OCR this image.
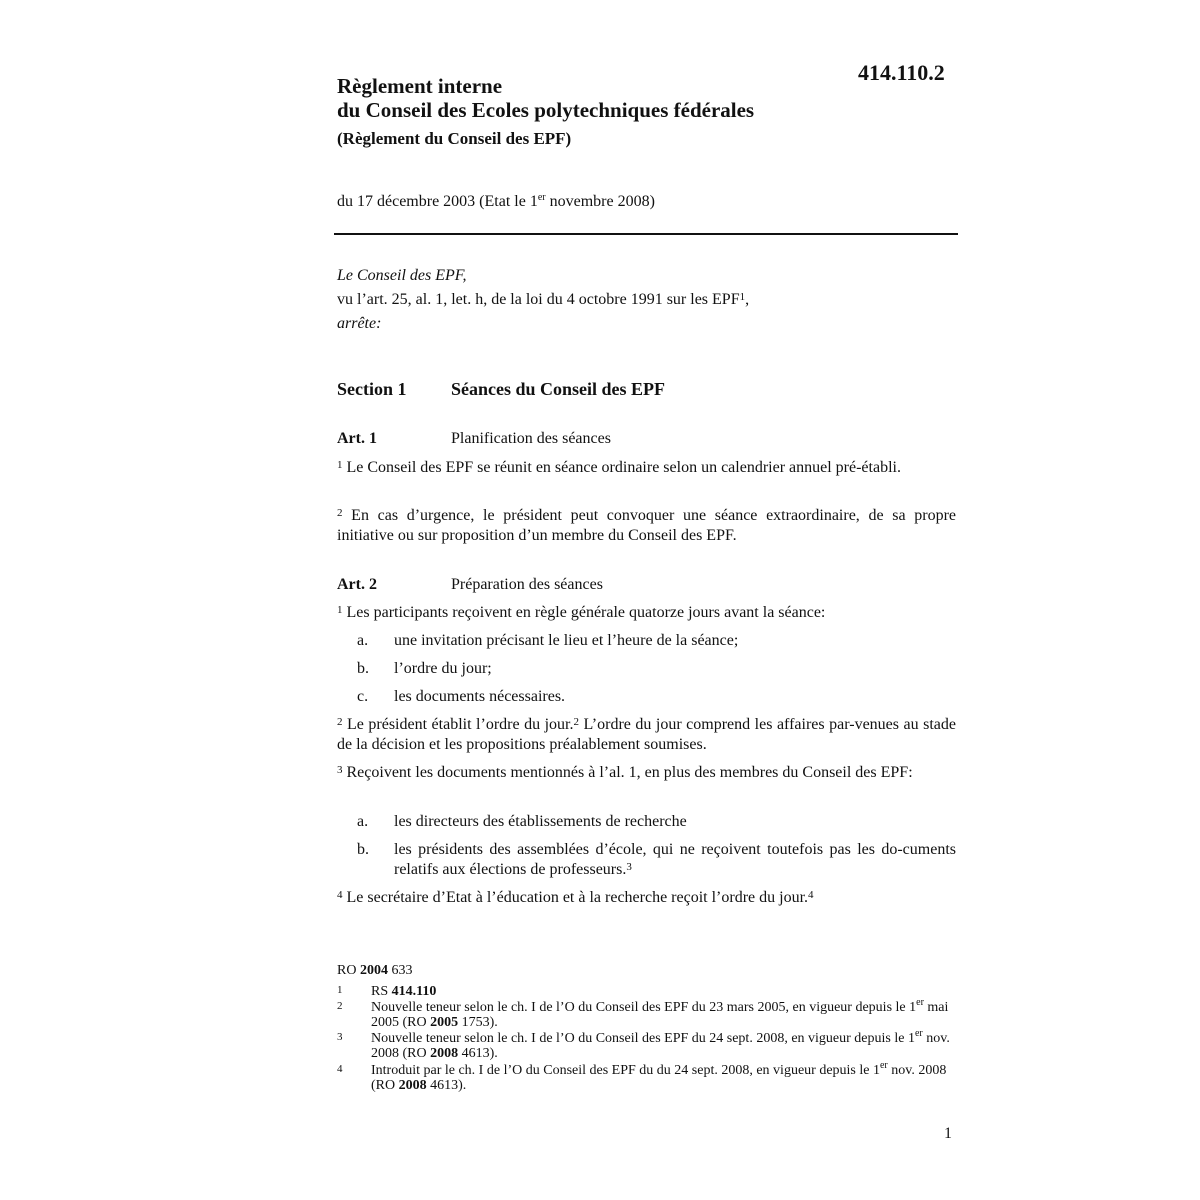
414.110.2
Règlement interne
du Conseil des Ecoles polytechniques fédérales
(Règlement du Conseil des EPF)
du 17 décembre 2003 (Etat le 1er novembre 2008)
Le Conseil des EPF,
vu l’art. 25, al. 1, let. h, de la loi du 4 octobre 1991 sur les EPF$^1$,
arrête:
Section 1 Séances du Conseil des EPF
Art. 1	Planification des séances
$^1$ Le Conseil des EPF se réunit en séance ordinaire selon un calendrier annuel pré-établi.
$^2$ En cas d’urgence, le président peut convoquer une séance extraordinaire, de sa propre initiative ou sur proposition d’un membre du Conseil des EPF.
Art. 2	Préparation des séances
$^1$ Les participants reçoivent en règle générale quatorze jours avant la séance:
a. une invitation précisant le lieu et l’heure de la séance;
b. l’ordre du jour;
c. les documents nécessaires.
$^2$ Le président établit l’ordre du jour.$^2$ L’ordre du jour comprend les affaires par-venues au stade de la décision et les propositions préalablement soumises.
$^3$ Reçoivent les documents mentionnés à l’al. 1, en plus des membres du Conseil des EPF:
a. les directeurs des établissements de recherche
b. les présidents des assemblées d’école, qui ne reçoivent toutefois pas les do-cuments relatifs aux élections de professeurs.$^3$
$^4$ Le secrétaire d’Etat à l’éducation et à la recherche reçoit l’ordre du jour.$^4$
RO 2004 633
1 RS 414.110
2 Nouvelle teneur selon le ch. I de l’O du Conseil des EPF du 23 mars 2005, en vigueur depuis le 1er mai 2005 (RO 2005 1753).
3 Nouvelle teneur selon le ch. I de l’O du Conseil des EPF du 24 sept. 2008, en vigueur depuis le 1er nov. 2008 (RO 2008 4613).
4 Introduit par le ch. I de l’O du Conseil des EPF du du 24 sept. 2008, en vigueur depuis le 1er nov. 2008 (RO 2008 4613).
1
